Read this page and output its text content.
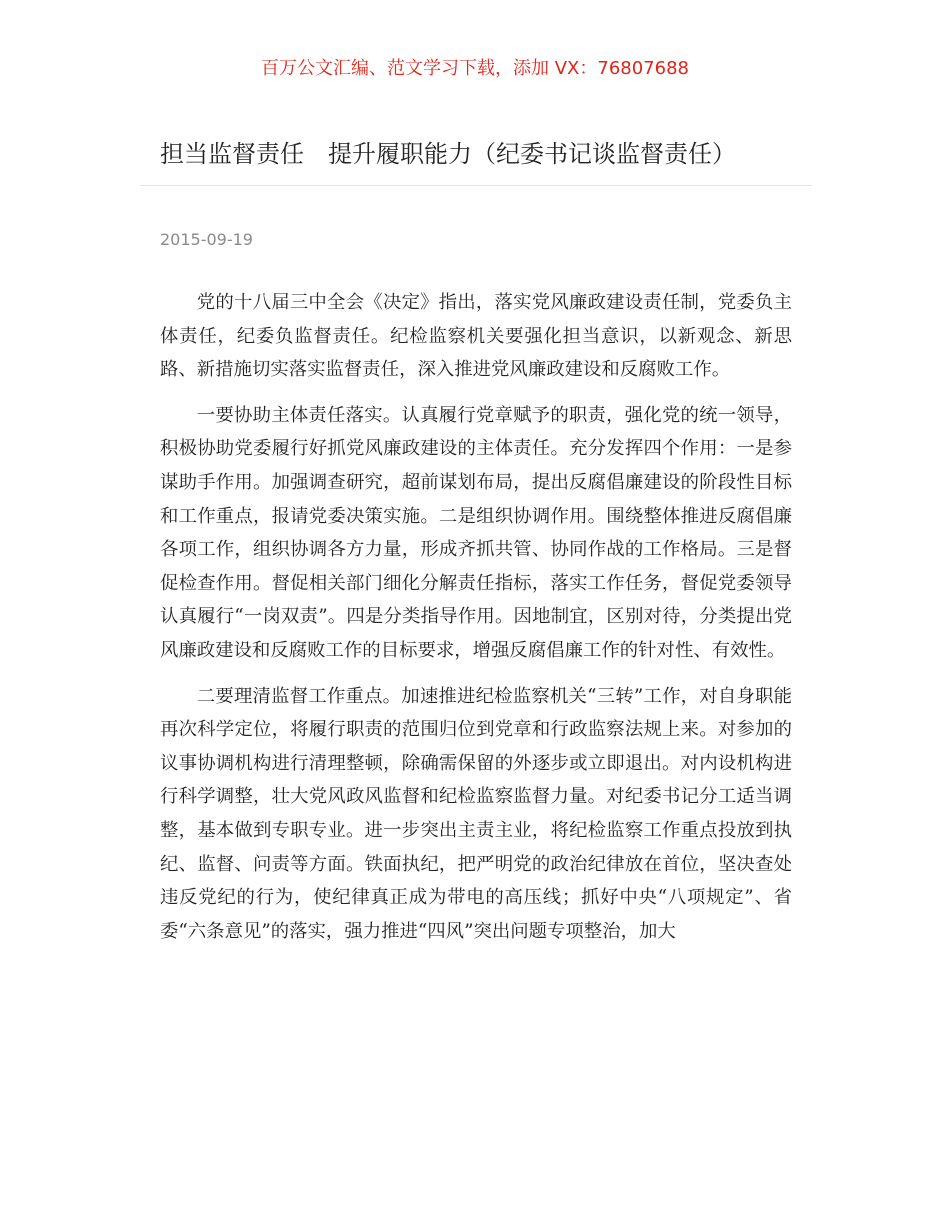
百万公文汇编、范文学习下载，添加 VX：76807688
担当监督责任　提升履职能力（纪委书记谈监督责任）
2015-09-19

党的十八届三中全会《决定》指出，落实党风廉政建设责任制，党委负主体责任，纪委负监督责任。纪检监察机关要强化担当意识，以新观念、新思路、新措施切实落实监督责任，深入推进党风廉政建设和反腐败工作。

一要协助主体责任落实。认真履行党章赋予的职责，强化党的统一领导，积极协助党委履行好抓党风廉政建设的主体责任。充分发挥四个作用：一是参谋助手作用。加强调查研究，超前谋划布局，提出反腐倡廉建设的阶段性目标和工作重点，报请党委决策实施。二是组织协调作用。围绕整体推进反腐倡廉各项工作，组织协调各方力量，形成齐抓共管、协同作战的工作格局。三是督促检查作用。督促相关部门细化分解责任指标，落实工作任务，督促党委领导认真履行“一岗双责”。四是分类指导作用。因地制宜，区别对待，分类提出党风廉政建设和反腐败工作的目标要求，增强反腐倡廉工作的针对性、有效性。

二要理清监督工作重点。加速推进纪检监察机关“三转”工作，对自身职能再次科学定位，将履行职责的范围归位到党章和行政监察法规上来。对参加的议事协调机构进行清理整顿，除确需保留的外逐步或立即退出。对内设机构进行科学调整，壮大党风政风监督和纪检监察监督力量。对纪委书记分工适当调整，基本做到专职专业。进一步突出主责主业，将纪检监察工作重点投放到执纪、监督、问责等方面。铁面执纪，把严明党的政治纪律放在首位，坚决查处违反党纪的行为，使纪律真正成为带电的高压线；抓好中央“八项规定”、省委“六条意见”的落实，强力推进“四风”突出问题专项整治，加大
